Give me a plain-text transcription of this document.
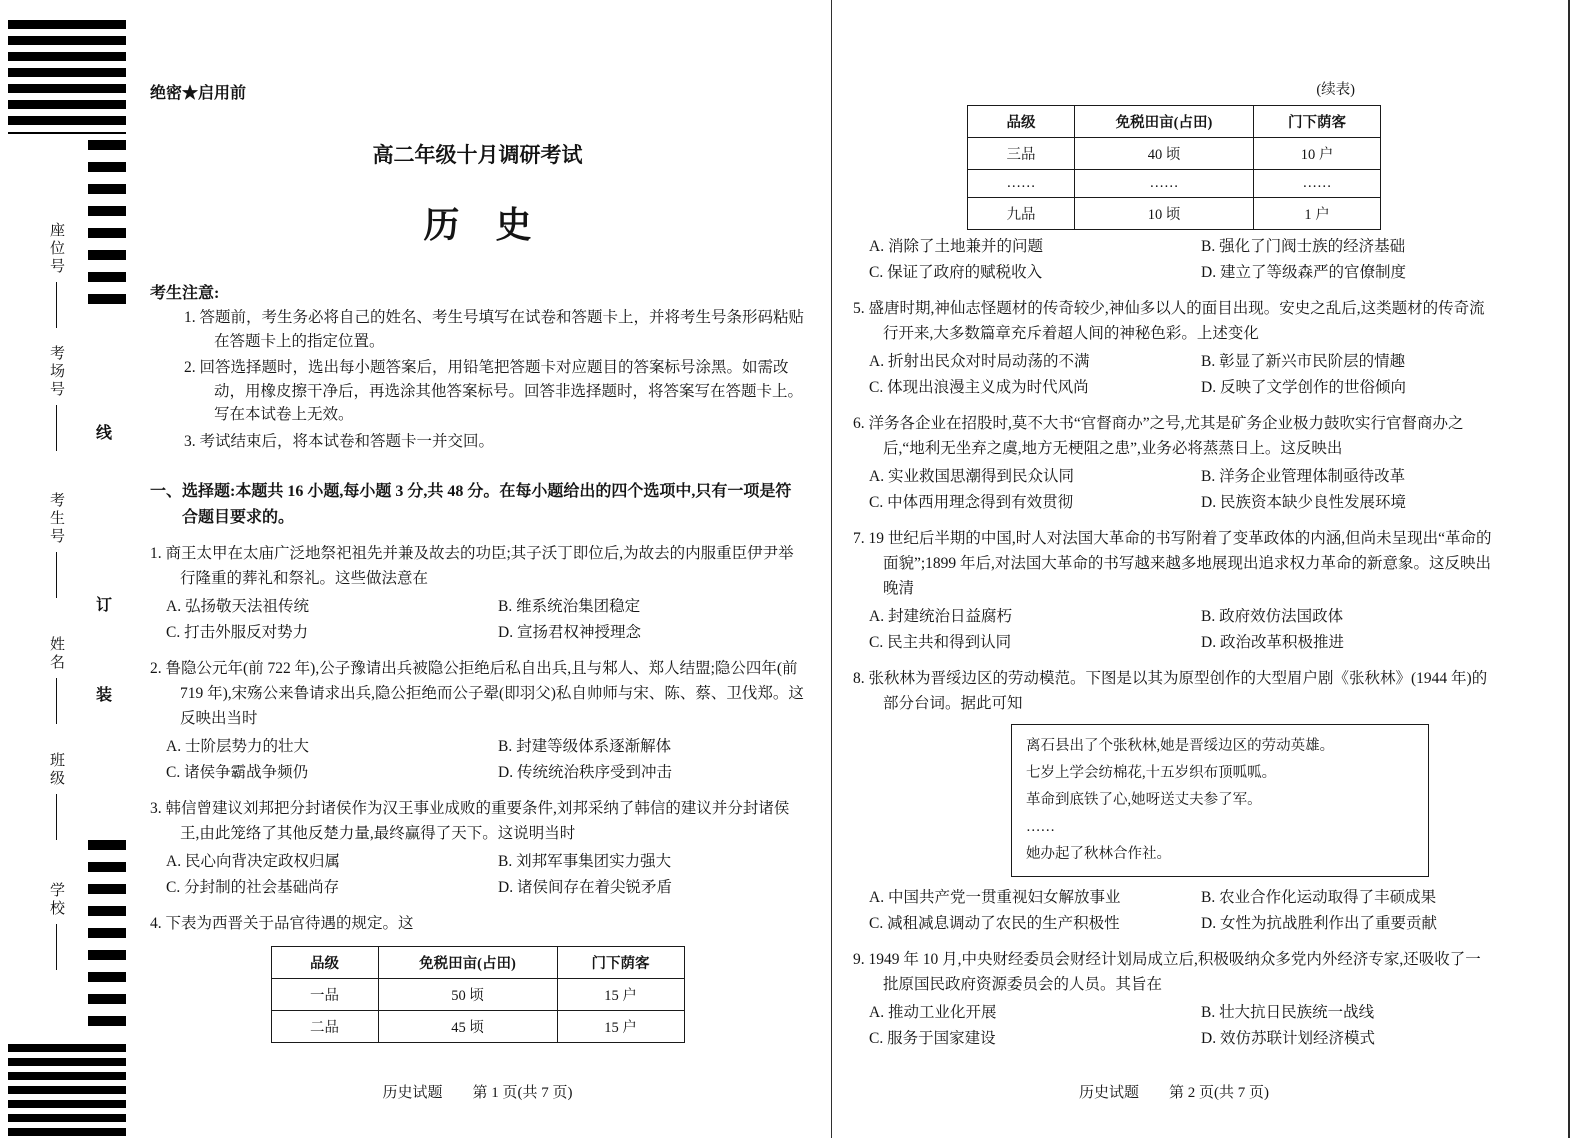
座位号
考场号
考生号
姓名
班级
学校
线
订
装
绝密★启用前
高二年级十月调研考试
历　史
考生注意:
1. 答题前，考生务必将自己的姓名、考生号填写在试卷和答题卡上，并将考生号条形码粘贴在答题卡上的指定位置。
2. 回答选择题时，选出每小题答案后，用铅笔把答题卡对应题目的答案标号涂黑。如需改动，用橡皮擦干净后，再选涂其他答案标号。回答非选择题时，将答案写在答题卡上。写在本试卷上无效。
3. 考试结束后，将本试卷和答题卡一并交回。
一、选择题:本题共 16 小题,每小题 3 分,共 48 分。在每小题给出的四个选项中,只有一项是符合题目要求的。
1. 商王太甲在太庙广泛地祭祀祖先并兼及故去的功臣;其子沃丁即位后,为故去的内服重臣伊尹举行隆重的葬礼和祭礼。这些做法意在
A. 弘扬敬天法祖传统	B. 维系统治集团稳定
C. 打击外服反对势力	D. 宣扬君权神授理念
2. 鲁隐公元年(前 722 年),公子豫请出兵被隐公拒绝后私自出兵,且与邾人、郑人结盟;隐公四年(前 719 年),宋殇公来鲁请求出兵,隐公拒绝而公子翚(即羽父)私自帅师与宋、陈、蔡、卫伐郑。这反映出当时
A. 士阶层势力的壮大	B. 封建等级体系逐渐解体
C. 诸侯争霸战争频仍	D. 传统统治秩序受到冲击
3. 韩信曾建议刘邦把分封诸侯作为汉王事业成败的重要条件,刘邦采纳了韩信的建议并分封诸侯王,由此笼络了其他反楚力量,最终赢得了天下。这说明当时
A. 民心向背决定政权归属	B. 刘邦军事集团实力强大
C. 分封制的社会基础尚存	D. 诸侯间存在着尖锐矛盾
4. 下表为西晋关于品官待遇的规定。这
品级	免税田亩(占田)	门下荫客
一品	50 顷	15 户
二品	45 顷	15 户
历史试题　　第 1 页(共 7 页)
(续表)
品级	免税田亩(占田)	门下荫客
三品	40 顷	10 户
……	……	……
九品	10 顷	1 户
A. 消除了土地兼并的问题	B. 强化了门阀士族的经济基础
C. 保证了政府的赋税收入	D. 建立了等级森严的官僚制度
5. 盛唐时期,神仙志怪题材的传奇较少,神仙多以人的面目出现。安史之乱后,这类题材的传奇流行开来,大多数篇章充斥着超人间的神秘色彩。上述变化
A. 折射出民众对时局动荡的不满	B. 彰显了新兴市民阶层的情趣
C. 体现出浪漫主义成为时代风尚	D. 反映了文学创作的世俗倾向
6. 洋务各企业在招股时,莫不大书“官督商办”之号,尤其是矿务企业极力鼓吹实行官督商办之后,“地利无坐弃之虞,地方无梗阻之患”,业务必将蒸蒸日上。这反映出
A. 实业救国思潮得到民众认同	B. 洋务企业管理体制亟待改革
C. 中体西用理念得到有效贯彻	D. 民族资本缺少良性发展环境
7. 19 世纪后半期的中国,时人对法国大革命的书写附着了变革政体的内涵,但尚未呈现出“革命的面貌”;1899 年后,对法国大革命的书写越来越多地展现出追求权力革命的新意象。这反映出晚清
A. 封建统治日益腐朽	B. 政府效仿法国政体
C. 民主共和得到认同	D. 政治改革积极推进
8. 张秋林为晋绥边区的劳动模范。下图是以其为原型创作的大型眉户剧《张秋林》(1944 年)的部分台词。据此可知
离石县出了个张秋林,她是晋绥边区的劳动英雄。
七岁上学会纺棉花,十五岁织布顶呱呱。
革命到底铁了心,她呀送丈夫参了军。
……
她办起了秋林合作社。
A. 中国共产党一贯重视妇女解放事业	B. 农业合作化运动取得了丰硕成果
C. 减租减息调动了农民的生产积极性	D. 女性为抗战胜利作出了重要贡献
9. 1949 年 10 月,中央财经委员会财经计划局成立后,积极吸纳众多党内外经济专家,还吸收了一批原国民政府资源委员会的人员。其旨在
A. 推动工业化开展	B. 壮大抗日民族统一战线
C. 服务于国家建设	D. 效仿苏联计划经济模式
历史试题　　第 2 页(共 7 页)
